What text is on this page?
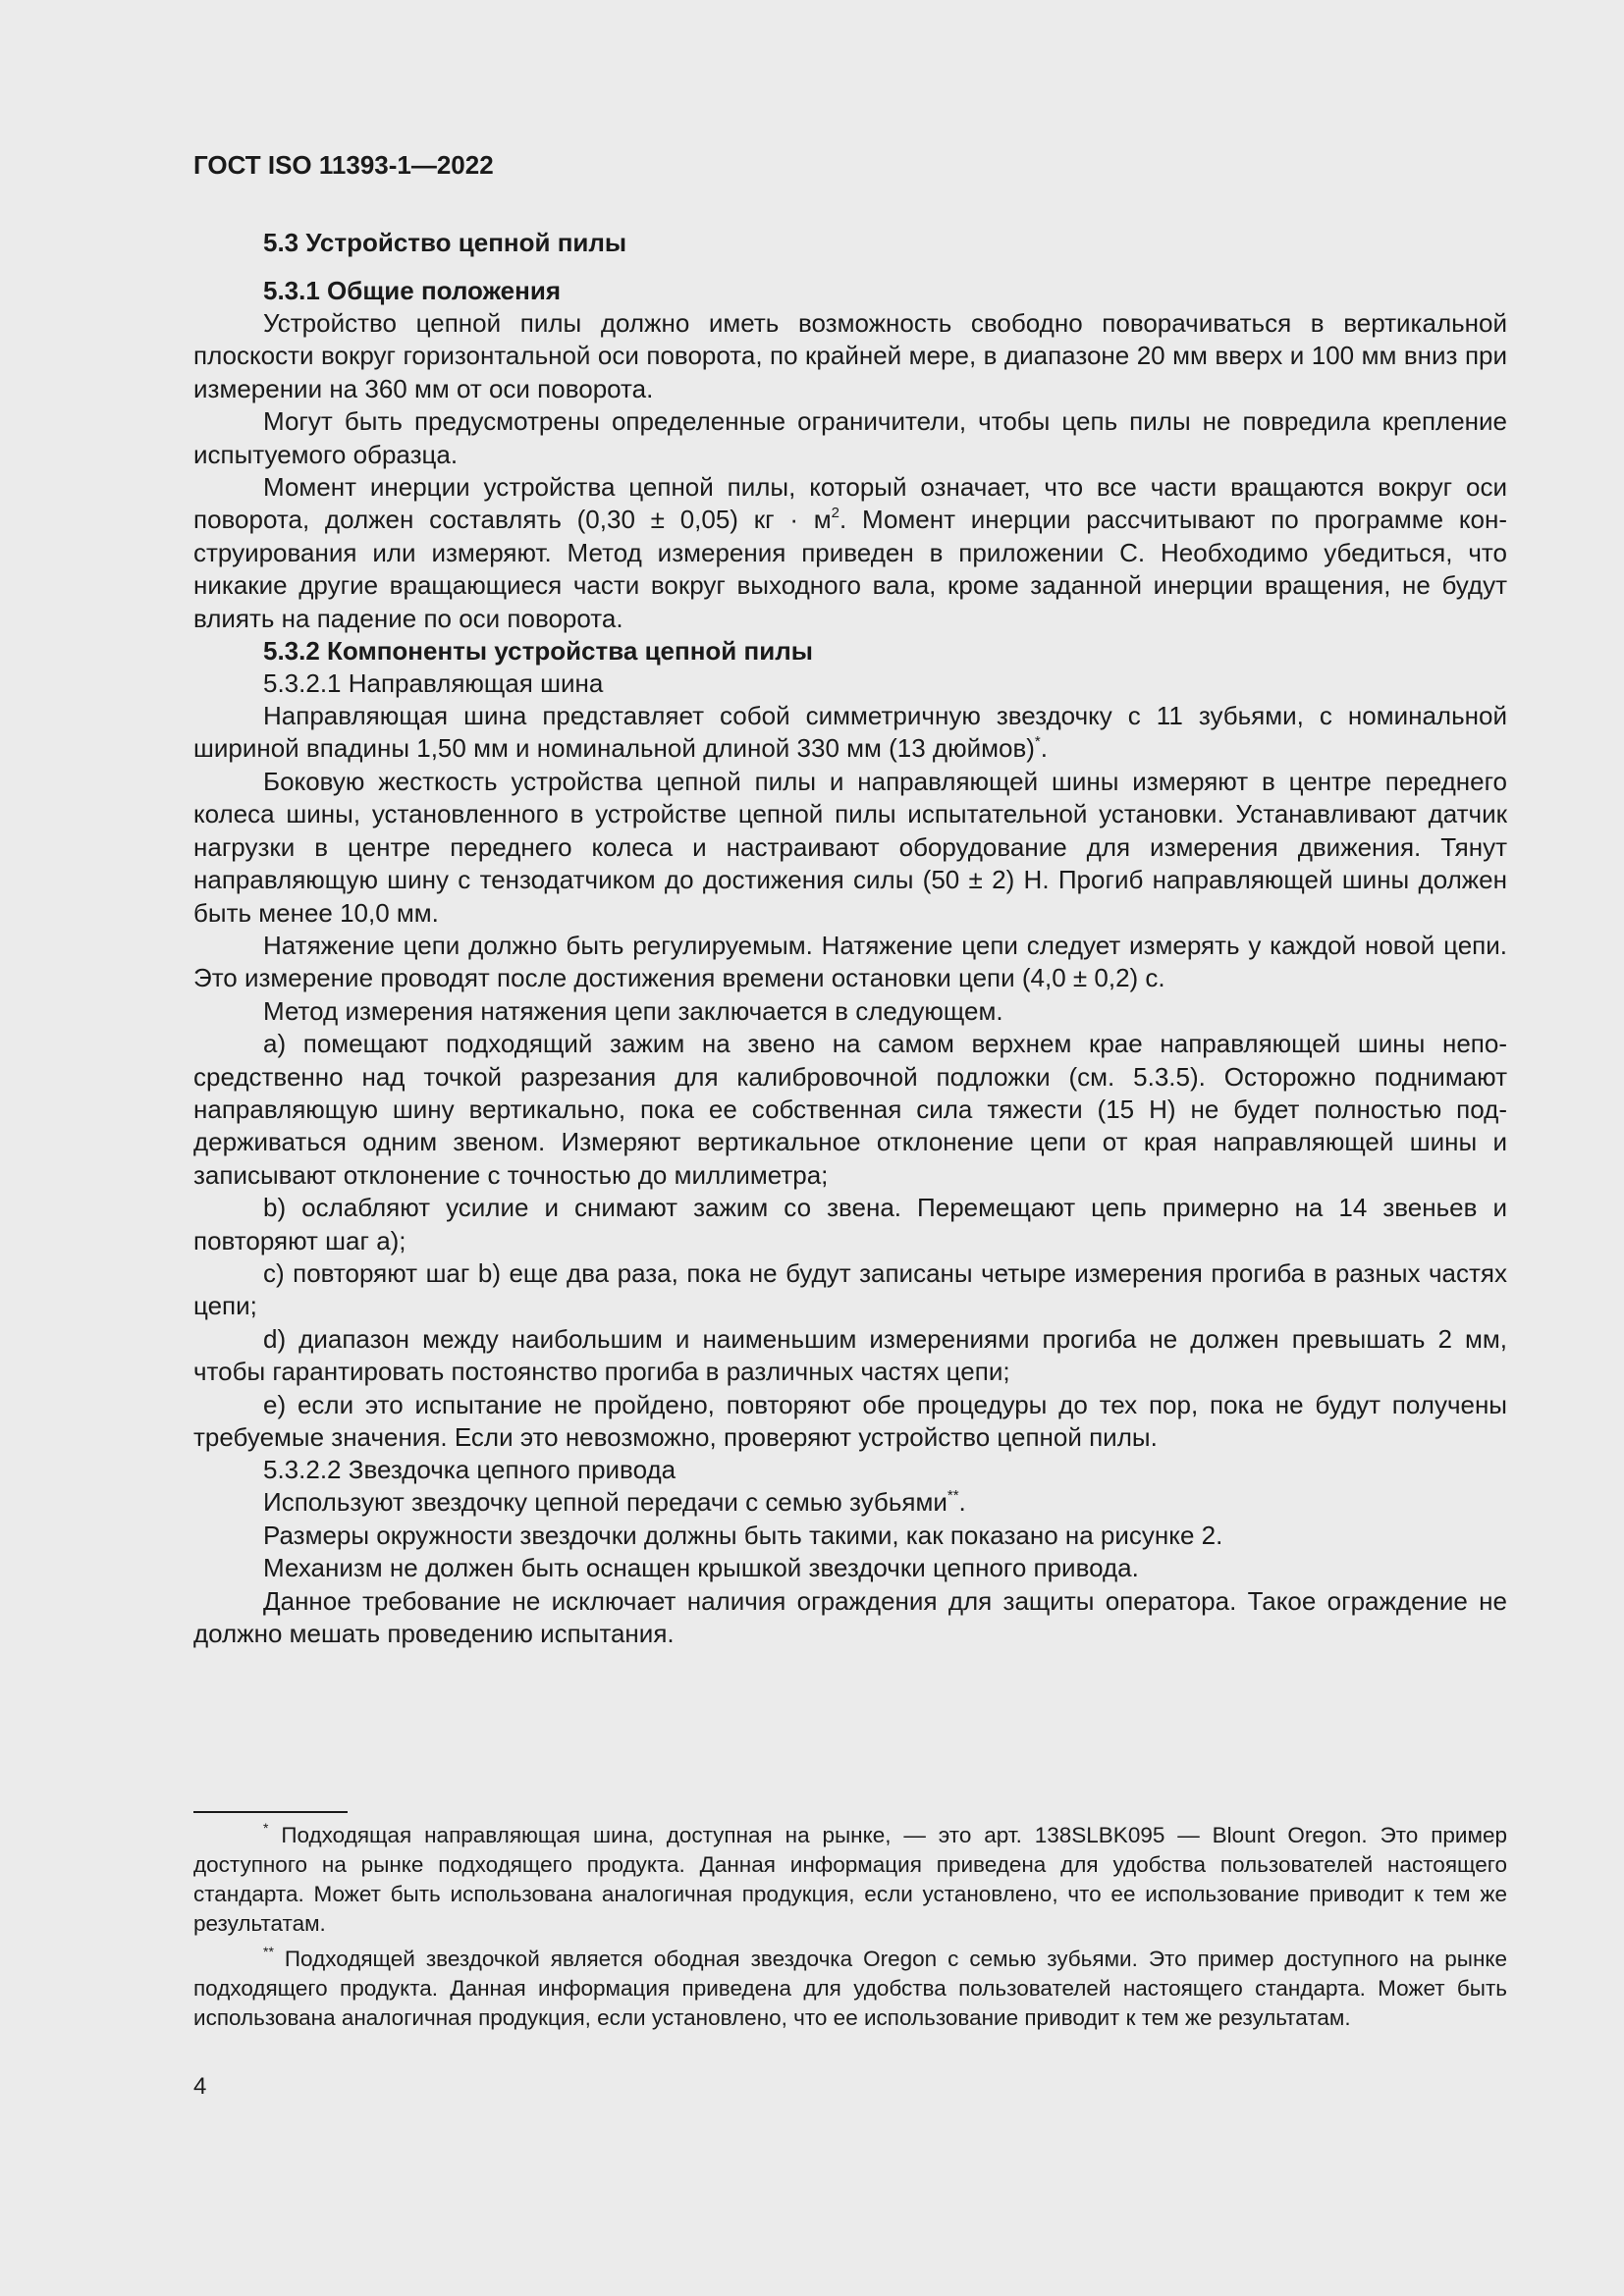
ГОСТ ISO 11393-1—2022
5.3 Устройство цепной пилы
5.3.1 Общие положения

Устройство цепной пилы должно иметь возможность свободно поворачиваться в вертикальной плоскости вокруг горизонтальной оси поворота, по крайней мере, в диапазоне 20 мм вверх и 100 мм вниз при измерении на 360 мм от оси поворота.

Могут быть предусмотрены определенные ограничители, чтобы цепь пилы не повредила крепление испытуемого образца.

Момент инерции устройства цепной пилы, который означает, что все части вращаются вокруг оси поворота, должен составлять (0,30 ± 0,05) кг · $м^2$. Момент инерции рассчитывают по программе конструирования или измеряют. Метод измерения приведен в приложении С. Необходимо убедиться, что никакие другие вращающиеся части вокруг выходного вала, кроме заданной инерции вращения, не будут влиять на падение по оси поворота.

5.3.2 Компоненты устройства цепной пилы
5.3.2.1 Направляющая шина

Направляющая шина представляет собой симметричную звездочку с 11 зубьями, с номинальной шириной впадины 1,50 мм и номинальной длиной 330 мм (13 дюймов)*.

Боковую жесткость устройства цепной пилы и направляющей шины измеряют в центре переднего колеса шины, установленного в устройстве цепной пилы испытательной установки. Устанавливают датчик нагрузки в центре переднего колеса и настраивают оборудование для измерения движения. Тянут направляющую шину с тензодатчиком до достижения силы (50 ± 2) Н. Прогиб направляющей шины должен быть менее 10,0 мм.

Натяжение цепи должно быть регулируемым. Натяжение цепи следует измерять у каждой новой цепи. Это измерение проводят после достижения времени остановки цепи (4,0 ± 0,2) с.

Метод измерения натяжения цепи заключается в следующем.

a) помещают подходящий зажим на звено на самом верхнем крае направляющей шины непосредственно над точкой разрезания для калибровочной подложки (см. 5.3.5). Осторожно поднимают направляющую шину вертикально, пока ее собственная сила тяжести (15 Н) не будет полностью поддерживаться одним звеном. Измеряют вертикальное отклонение цепи от края направляющей шины и записывают отклонение с точностью до миллиметра;

b) ослабляют усилие и снимают зажим со звена. Перемещают цепь примерно на 14 звеньев и повторяют шаг а);

c) повторяют шаг b) еще два раза, пока не будут записаны четыре измерения прогиба в разных частях цепи;

d) диапазон между наибольшим и наименьшим измерениями прогиба не должен превышать 2 мм, чтобы гарантировать постоянство прогиба в различных частях цепи;

e) если это испытание не пройдено, повторяют обе процедуры до тех пор, пока не будут получены требуемые значения. Если это невозможно, проверяют устройство цепной пилы.

5.3.2.2 Звездочка цепного привода

Используют звездочку цепной передачи с семью зубьями**.

Размеры окружности звездочки должны быть такими, как показано на рисунке 2.

Механизм не должен быть оснащен крышкой звездочки цепного привода.

Данное требование не исключает наличия ограждения для защиты оператора. Такое ограждение не должно мешать проведению испытания.

* Подходящая направляющая шина, доступная на рынке, — это арт. 138SLBK095 — Blount Oregon. Это пример доступного на рынке подходящего продукта. Данная информация приведена для удобства пользователей настоящего стандарта. Может быть использована аналогичная продукция, если установлено, что ее использование приводит к тем же результатам.

** Подходящей звездочкой является ободная звездочка Oregon с семью зубьями. Это пример доступного на рынке подходящего продукта. Данная информация приведена для удобства пользователей настоящего стандарта. Может быть использована аналогичная продукция, если установлено, что ее использование приводит к тем же результатам.

4
